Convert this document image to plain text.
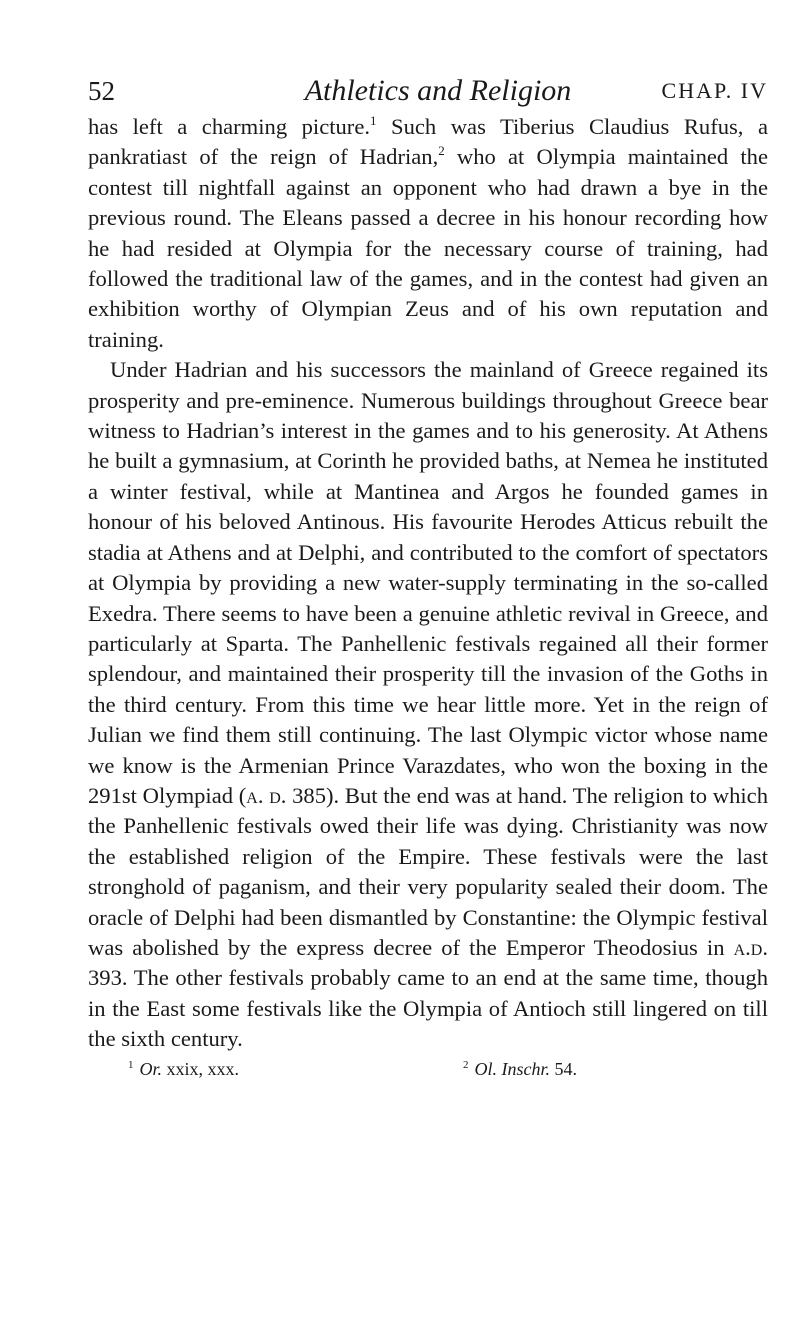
52	Athletics and Religion	CHAP. IV

has left a charming picture.$^1$ Such was Tiberius Claudius Rufus, a pankratiast of the reign of Hadrian,$^2$ who at Olympia maintained the contest till nightfall against an opponent who had drawn a bye in the previous round. The Eleans passed a decree in his honour recording how he had resided at Olympia for the necessary course of training, had followed the traditional law of the games, and in the contest had given an exhibition worthy of Olympian Zeus and of his own reputation and training.

Under Hadrian and his successors the mainland of Greece regained its prosperity and pre-eminence. Numerous buildings throughout Greece bear witness to Hadrian’s interest in the games and to his generosity. At Athens he built a gymnasium, at Corinth he provided baths, at Nemea he instituted a winter festival, while at Mantinea and Argos he founded games in honour of his beloved Antinous. His favourite Herodes Atticus rebuilt the stadia at Athens and at Delphi, and contributed to the comfort of spectators at Olympia by providing a new water-supply terminating in the so-called Exedra. There seems to have been a genuine athletic revival in Greece, and particularly at Sparta. The Panhellenic festivals regained all their former splendour, and maintained their prosperity till the invasion of the Goths in the third century. From this time we hear little more. Yet in the reign of Julian we find them still continuing. The last Olympic victor whose name we know is the Armenian Prince Varazdates, who won the boxing in the 291st Olympiad (a. d. 385). But the end was at hand. The religion to which the Panhellenic festivals owed their life was dying. Christianity was now the established religion of the Empire. These festivals were the last stronghold of paganism, and their very popularity sealed their doom. The oracle of Delphi had been dismantled by Constantine: the Olympic festival was abolished by the express decree of the Emperor Theodosius in a.d. 393. The other festivals probably came to an end at the same time, though in the East some festivals like the Olympia of Antioch still lingered on till the sixth century.

$^1$ Or. xxix, xxx.	$^2$ Ol. Inschr. 54.
